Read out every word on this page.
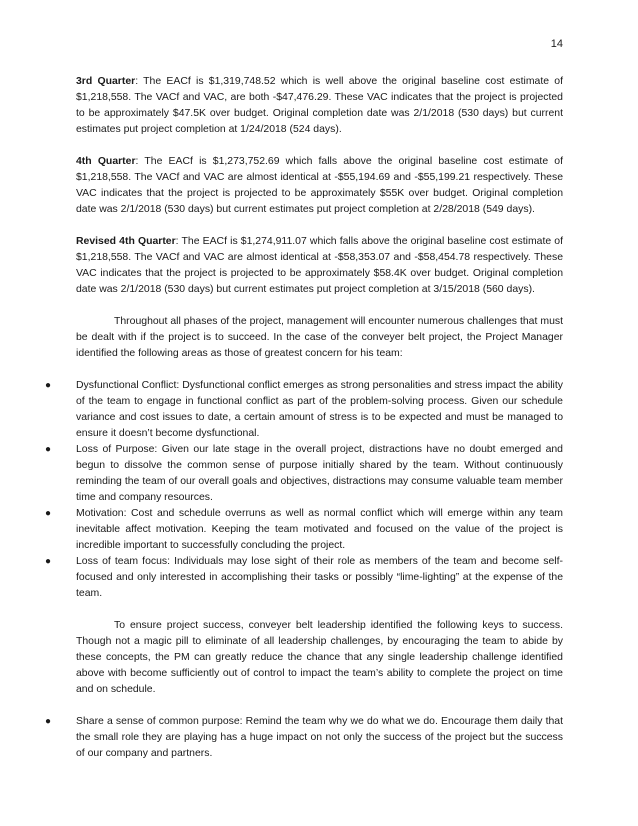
14

3rd Quarter: The EACf is $1,319,748.52 which is well above the original baseline cost estimate of $1,218,558. The VACf and VAC, are both -$47,476.29. These VAC indicates that the project is projected to be approximately $47.5K over budget. Original completion date was 2/1/2018 (530 days) but current estimates put project completion at 1/24/2018 (524 days).

4th Quarter: The EACf is $1,273,752.69 which falls above the original baseline cost estimate of $1,218,558. The VACf and VAC are almost identical at -$55,194.69 and -$55,199.21 respectively. These VAC indicates that the project is projected to be approximately $55K over budget. Original completion date was 2/1/2018 (530 days) but current estimates put project completion at 2/28/2018 (549 days).

Revised 4th Quarter: The EACf is $1,274,911.07 which falls above the original baseline cost estimate of $1,218,558. The VACf and VAC are almost identical at -$58,353.07 and -$58,454.78 respectively. These VAC indicates that the project is projected to be approximately $58.4K over budget. Original completion date was 2/1/2018 (530 days) but current estimates put project completion at 3/15/2018 (560 days).

Throughout all phases of the project, management will encounter numerous challenges that must be dealt with if the project is to succeed. In the case of the conveyer belt project, the Project Manager identified the following areas as those of greatest concern for his team:

●	Dysfunctional Conflict: Dysfunctional conflict emerges as strong personalities and stress impact the ability of the team to engage in functional conflict as part of the problem-solving process. Given our schedule variance and cost issues to date, a certain amount of stress is to be expected and must be managed to ensure it doesn’t become dysfunctional.
●	Loss of Purpose: Given our late stage in the overall project, distractions have no doubt emerged and begun to dissolve the common sense of purpose initially shared by the team. Without continuously reminding the team of our overall goals and objectives, distractions may consume valuable team member time and company resources.
●	Motivation: Cost and schedule overruns as well as normal conflict which will emerge within any team inevitable affect motivation. Keeping the team motivated and focused on the value of the project is incredible important to successfully concluding the project.
●	Loss of team focus: Individuals may lose sight of their role as members of the team and become self-focused and only interested in accomplishing their tasks or possibly “lime-lighting” at the expense of the team.

To ensure project success, conveyer belt leadership identified the following keys to success. Though not a magic pill to eliminate of all leadership challenges, by encouraging the team to abide by these concepts, the PM can greatly reduce the chance that any single leadership challenge identified above with become sufficiently out of control to impact the team’s ability to complete the project on time and on schedule.

●	Share a sense of common purpose: Remind the team why we do what we do. Encourage them daily that the small role they are playing has a huge impact on not only the success of the project but the success of our company and partners.
